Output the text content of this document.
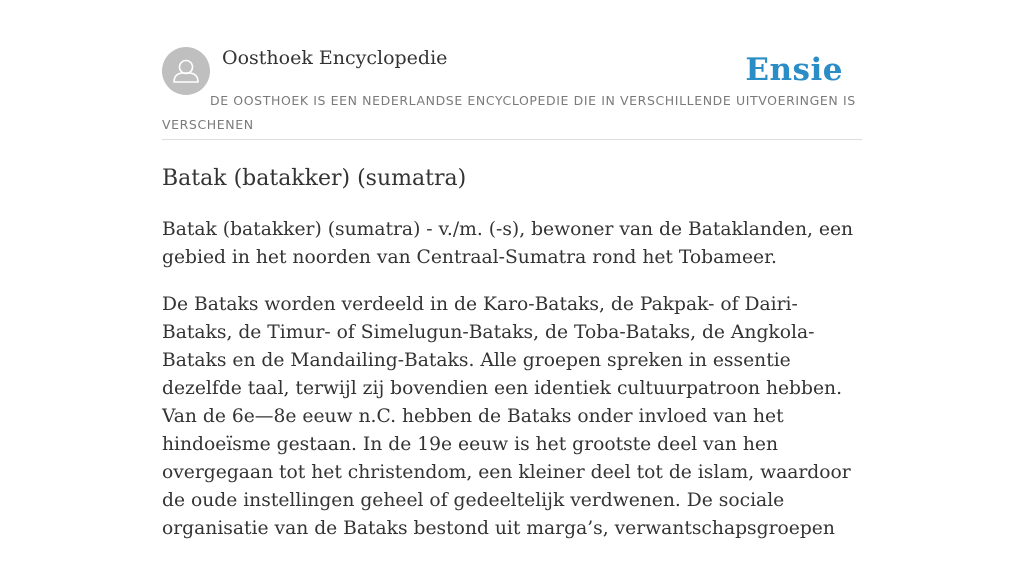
Oosthoek Encyclopedie	Ensie
DE OOSTHOEK IS EEN NEDERLANDSE ENCYCLOPEDIE DIE IN VERSCHILLENDE UITVOERINGEN IS VERSCHENEN
Batak (batakker) (sumatra)

Batak (batakker) (sumatra) - v./m. (-s), bewoner van de Bataklanden, een gebied in het noorden van Centraal-Sumatra rond het Tobameer.

De Bataks worden verdeeld in de Karo-Bataks, de Pakpak- of Dairi-Bataks, de Timur- of Simelugun-Bataks, de Toba-Bataks, de Angkola-Bataks en de Mandailing-Bataks. Alle groepen spreken in essentie dezelfde taal, terwijl zij bovendien een identiek cultuurpatroon hebben. Van de 6e—8e eeuw n.C. hebben de Bataks onder invloed van het hindoeïsme gestaan. In de 19e eeuw is het grootste deel van hen overgegaan tot het christendom, een kleiner deel tot de islam, waardoor de oude instellingen geheel of gedeeltelijk verdwenen. De sociale organisatie van de Bataks bestond uit marga’s, verwantschapsgroepen
